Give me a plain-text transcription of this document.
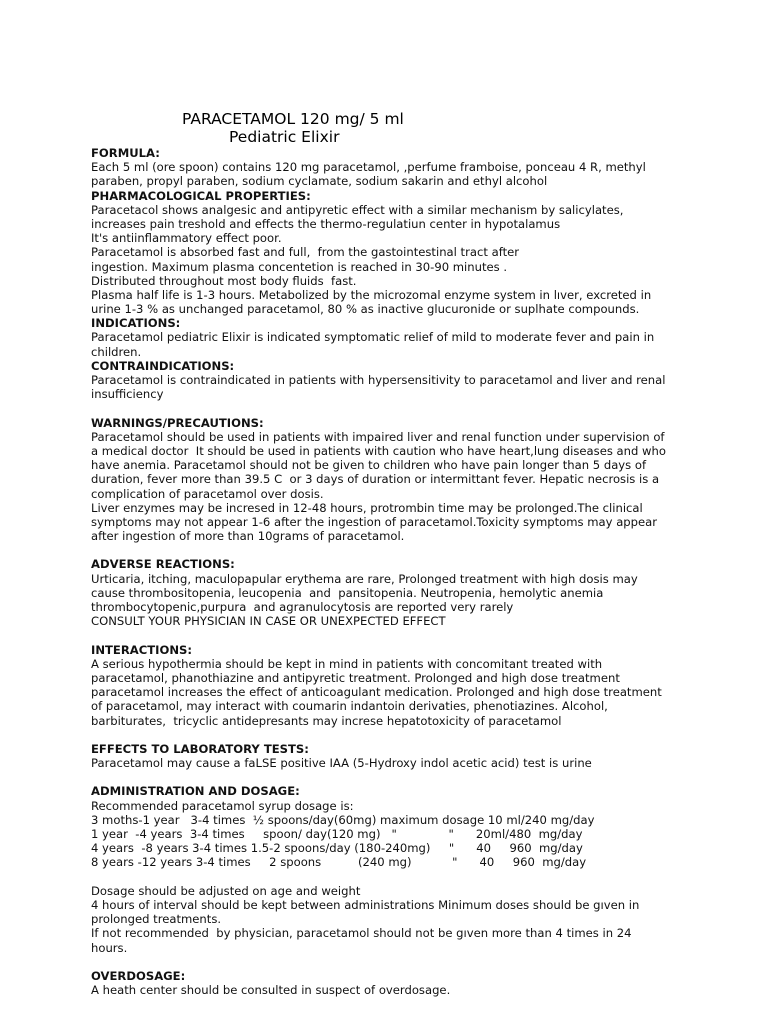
PARACETAMOL 120 mg/ 5 ml
Pediatric Elixir
FORMULA:
Each 5 ml (ore spoon) contains 120 mg paracetamol, ,perfume framboise, ponceau 4 R, methyl
paraben, propyl paraben, sodium cyclamate, sodium sakarin and ethyl alcohol
PHARMACOLOGICAL PROPERTIES:
Paracetacol shows analgesic and antipyretic effect with a similar mechanism by salicylates,
increases pain treshold and effects the thermo-regulatiun center in hypotalamus
It's antiinflammatory effect poor.
Paracetamol is absorbed fast and full,  from the gastointestinal tract after
ingestion. Maximum plasma concentetion is reached in 30-90 minutes .
Distributed throughout most body fluids  fast.
Plasma half life is 1-3 hours. Metabolized by the microzomal enzyme system in lıver, excreted in
urine 1-3 % as unchanged paracetamol, 80 % as inactive glucuronide or suplhate compounds.
INDICATIONS:
Paracetamol pediatric Elixir is indicated symptomatic relief of mild to moderate fever and pain in
children.
CONTRAINDICATIONS:
Paracetamol is contraindicated in patients with hypersensitivity to paracetamol and liver and renal
insufficiency
WARNINGS/PRECAUTIONS:
Paracetamol should be used in patients with impaired liver and renal function under supervision of
a medical doctor  It should be used in patients with caution who have heart,lung diseases and who
have anemia. Paracetamol should not be given to children who have pain longer than 5 days of
duration, fever more than 39.5 C  or 3 days of duration or intermittant fever. Hepatic necrosis is a
complication of paracetamol over dosis.
Liver enzymes may be incresed in 12-48 hours, protrombin time may be prolonged.The clinical
symptoms may not appear 1-6 after the ingestion of paracetamol.Toxicity symptoms may appear
after ingestion of more than 10grams of paracetamol.
ADVERSE REACTIONS:
Urticaria, itching, maculopapular erythema are rare, Prolonged treatment with high dosis may
cause thrombositopenia, leucopenia  and  pansitopenia. Neutropenia, hemolytic anemia
thrombocytopenic,purpura  and agranulocytosis are reported very rarely
CONSULT YOUR PHYSICIAN IN CASE OR UNEXPECTED EFFECT
INTERACTIONS:
A serious hypothermia should be kept in mind in patients with concomitant treated with
paracetamol, phanothiazine and antipyretic treatment. Prolonged and high dose treatment
paracetamol increases the effect of anticoagulant medication. Prolonged and high dose treatment
of paracetamol, may interact with coumarin indantoin derivaties, phenotiazines. Alcohol,
barbiturates,  tricyclic antidepresants may increse hepatotoxicity of paracetamol
EFFECTS TO LABORATORY TESTS:
Paracetamol may cause a faLSE positive IAA (5-Hydroxy indol acetic acid) test is urine
ADMINISTRATION AND DOSAGE:
Recommended paracetamol syrup dosage is:
3 moths-1 year   3-4 times  ½ spoons/day(60mg) maximum dosage 10 ml/240 mg/day
1 year  -4 years  3-4 times     spoon/ day(120 mg)   "              "      20ml/480  mg/day
4 years  -8 years 3-4 times 1.5-2 spoons/day (180-240mg)     "      40     960  mg/day
8 years -12 years 3-4 times     2 spoons          (240 mg)           "      40     960  mg/day
Dosage should be adjusted on age and weight
4 hours of interval should be kept between administrations Minimum doses should be gıven in
prolonged treatments.
If not recommended  by physician, paracetamol should not be gıven more than 4 times in 24
hours.
OVERDOSAGE:
A heath center should be consulted in suspect of overdosage.
